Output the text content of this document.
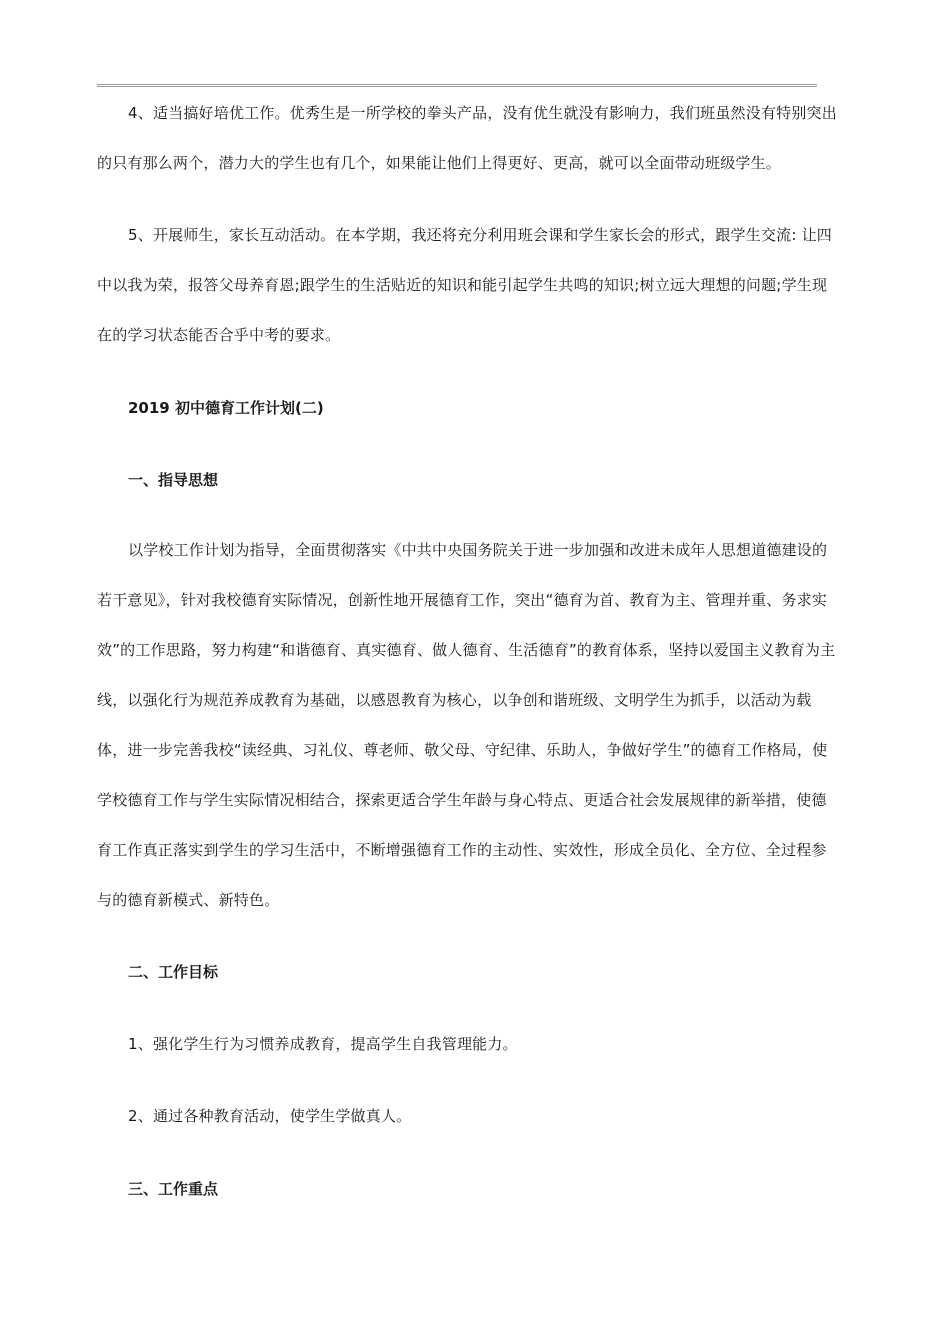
4、适当搞好培优工作。优秀生是一所学校的拳头产品，没有优生就没有影响力，我们班虽然没有特别突出的只有那么两个，潜力大的学生也有几个，如果能让他们上得更好、更高，就可以全面带动班级学生。

5、开展师生，家长互动活动。在本学期，我还将充分利用班会课和学生家长会的形式，跟学生交流: 让四中以我为荣，报答父母养育恩;跟学生的生活贴近的知识和能引起学生共鸣的知识;树立远大理想的问题;学生现在的学习状态能否合乎中考的要求。

2019 初中德育工作计划(二)
一、指导思想

以学校工作计划为指导，全面贯彻落实《中共中央国务院关于进一步加强和改进未成年人思想道德建设的若干意见》，针对我校德育实际情况，创新性地开展德育工作，突出“德育为首、教育为主、管理并重、务求实效”的工作思路，努力构建“和谐德育、真实德育、做人德育、生活德育”的教育体系，坚持以爱国主义教育为主线，以强化行为规范养成教育为基础，以感恩教育为核心，以争创和谐班级、文明学生为抓手，以活动为载体，进一步完善我校“读经典、习礼仪、尊老师、敬父母、守纪律、乐助人，争做好学生”的德育工作格局，使学校德育工作与学生实际情况相结合，探索更适合学生年龄与身心特点、更适合社会发展规律的新举措，使德育工作真正落实到学生的学习生活中，不断增强德育工作的主动性、实效性，形成全员化、全方位、全过程参与的德育新模式、新特色。

二、工作目标

1、强化学生行为习惯养成教育，提高学生自我管理能力。

2、通过各种教育活动，使学生学做真人。

三、工作重点
